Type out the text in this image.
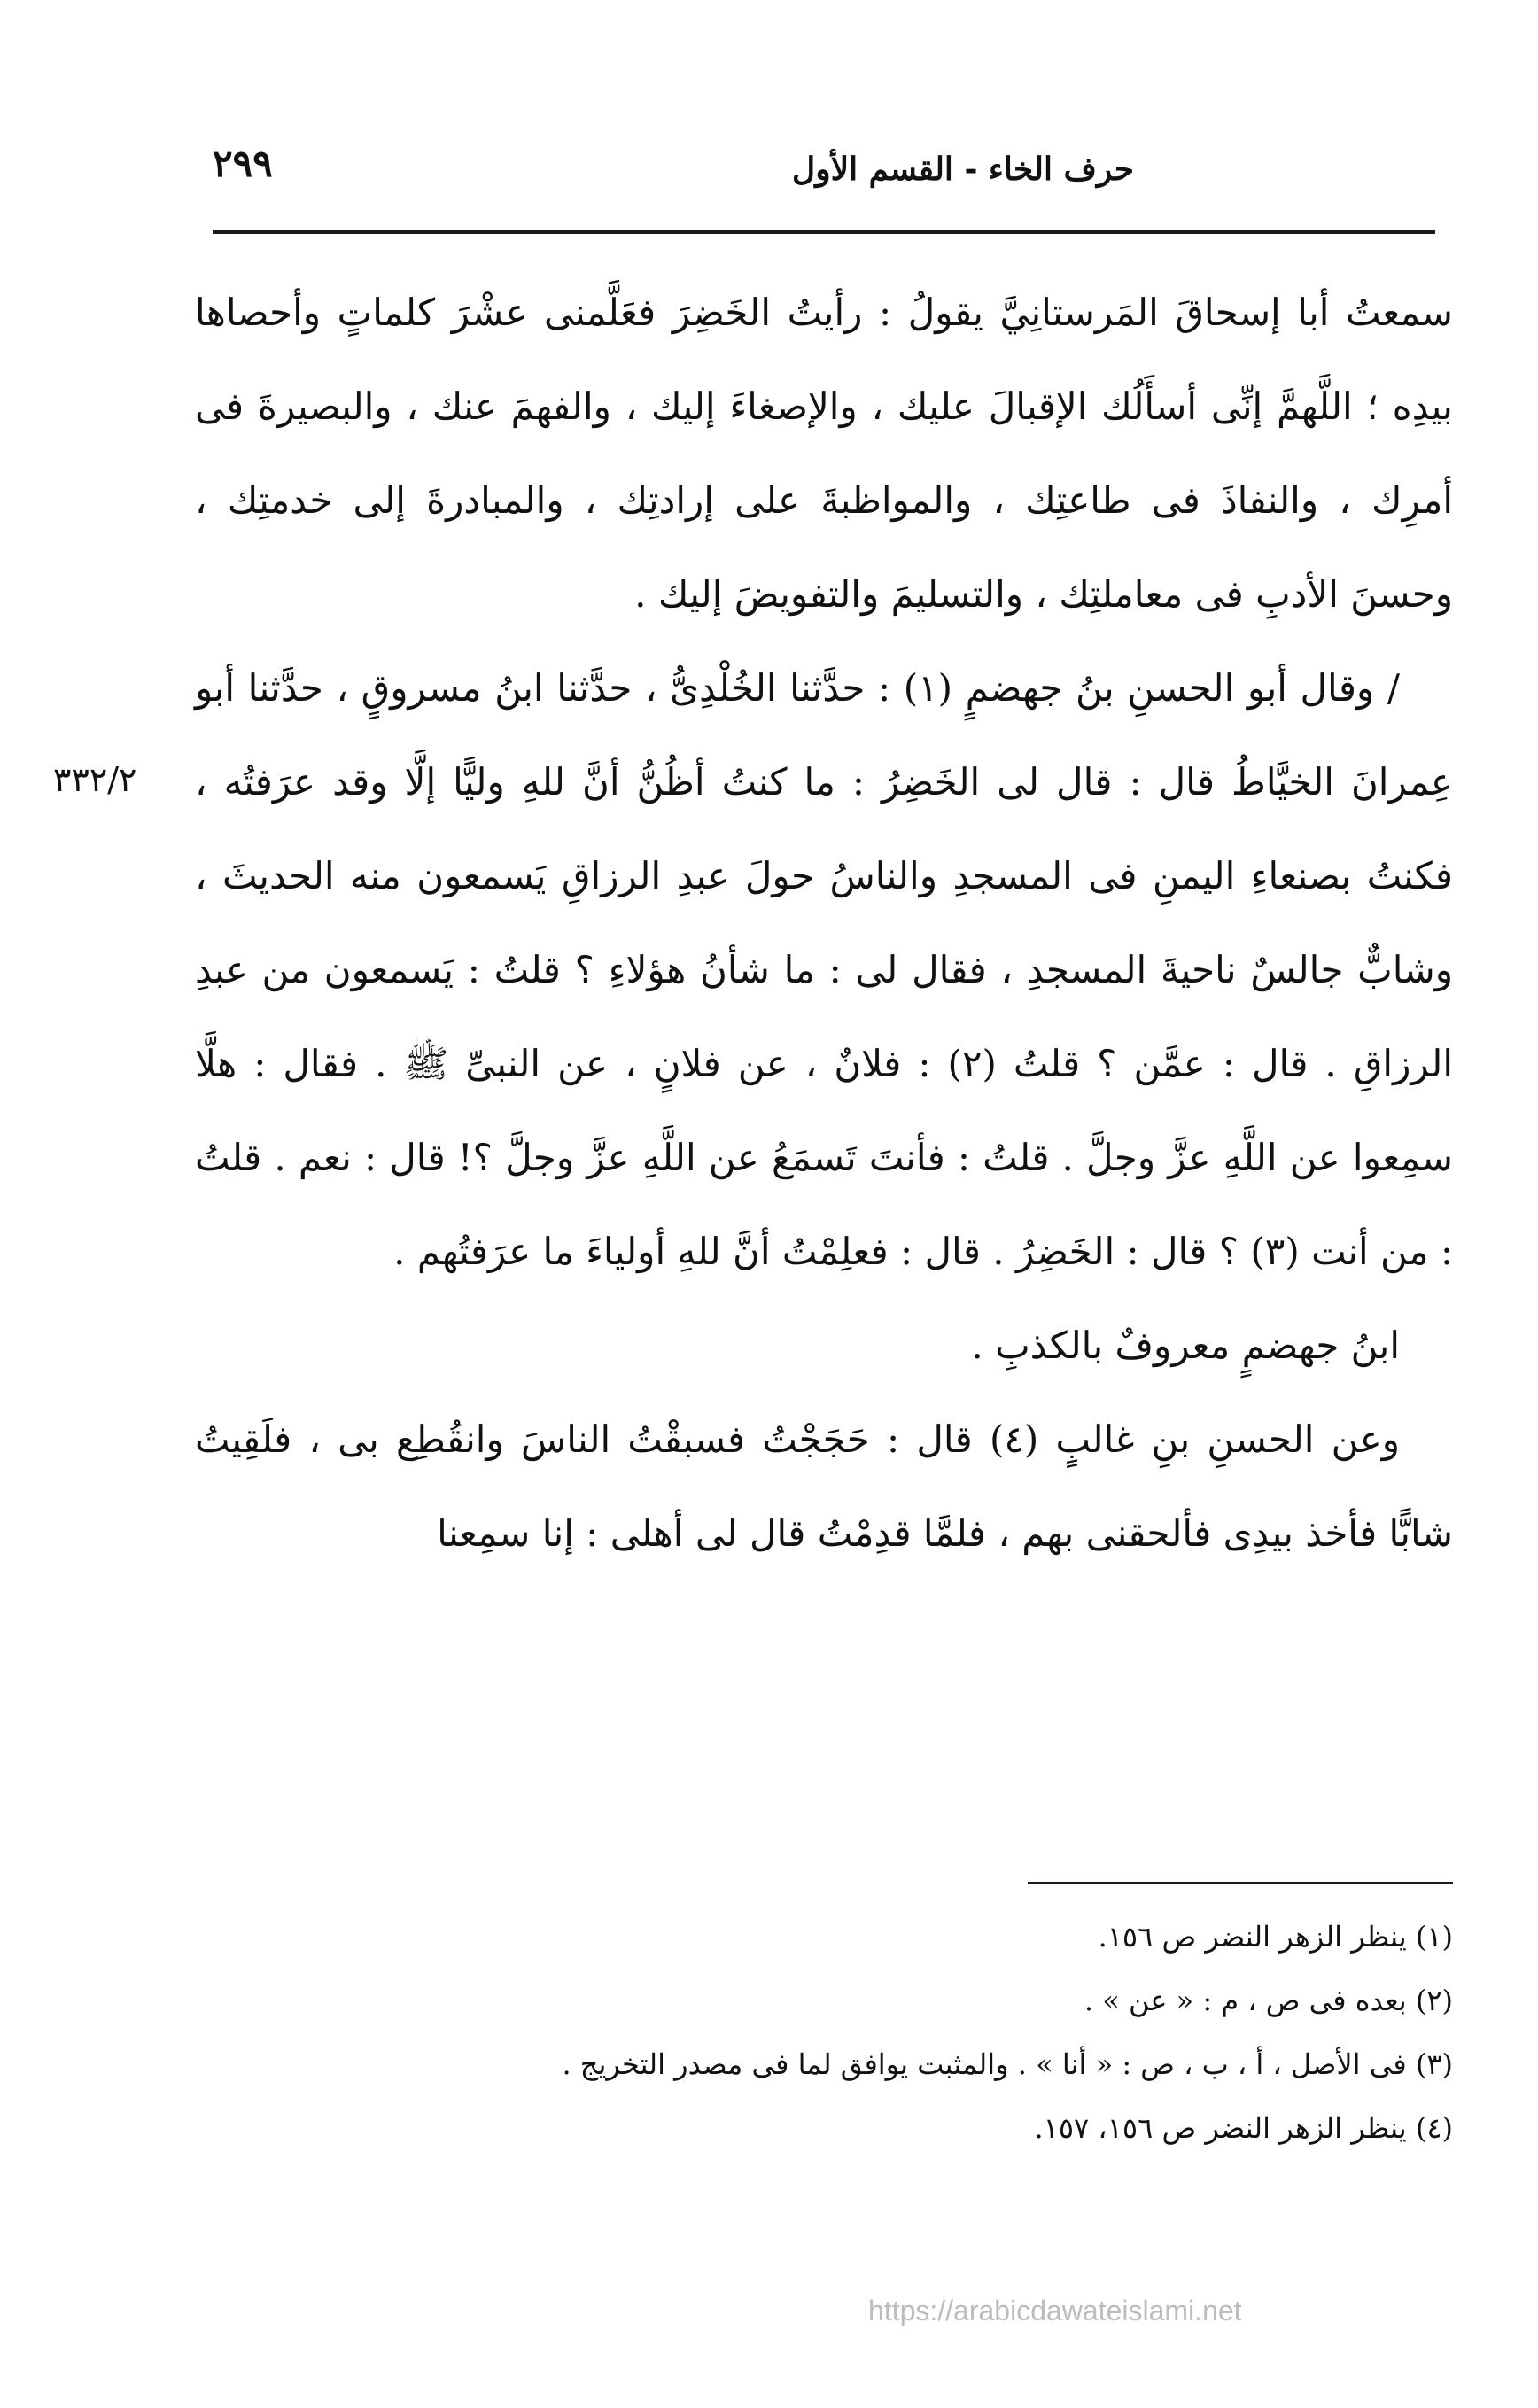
حرف الخاء - القسم الأول
٢٩٩
٣٣٢/٢

سمعتُ أبا إسحاقَ المَرستانِيَّ يقولُ : رأيتُ الخَضِرَ فعَلَّمنى عشْرَ كلماتٍ وأحصاها بيدِه ؛ اللَّهمَّ إنِّى أسأَلُك الإقبالَ عليك ، والإصغاءَ إليك ، والفهمَ عنك ، والبصيرةَ فى أمرِك ، والنفاذَ فى طاعتِك ، والمواظبةَ على إرادتِك ، والمبادرةَ إلى خدمتِك ، وحسنَ الأدبِ فى معاملتِك ، والتسليمَ والتفويضَ إليك .

/ وقال أبو الحسنِ بنُ جهضمٍ (١) : حدَّثنا الخُلْدِىُّ ، حدَّثنا ابنُ مسروقٍ ، حدَّثنا أبو عِمرانَ الخيَّاطُ قال : قال لى الخَضِرُ : ما كنتُ أظُنُّ أنَّ للهِ وليًّا إلَّا وقد عرَفتُه ، فكنتُ بصنعاءِ اليمنِ فى المسجدِ والناسُ حولَ عبدِ الرزاقِ يَسمعون منه الحديثَ ، وشابٌّ جالسٌ ناحيةَ المسجدِ ، فقال لى : ما شأنُ هؤلاءِ ؟ قلتُ : يَسمعون من عبدِ الرزاقِ . قال : عمَّن ؟ قلتُ (٢) : فلانٌ ، عن فلانٍ ، عن النبىِّ ﷺ . فقال : هلَّا سمِعوا عن اللَّهِ عزَّ وجلَّ . قلتُ : فأنتَ تَسمَعُ عن اللَّهِ عزَّ وجلَّ ؟! قال : نعم . قلتُ : من أنت (٣) ؟ قال : الخَضِرُ . قال : فعلِمْتُ أنَّ للهِ أولياءَ ما عرَفتُهم .

ابنُ جهضمٍ معروفٌ بالكذبِ .

وعن الحسنِ بنِ غالبٍ (٤) قال : حَجَجْتُ فسبقْتُ الناسَ وانقُطِع بى ، فلَقِيتُ شابًّا فأخذ بيدِى فألحقنى بهم ، فلمَّا قدِمْتُ قال لى أهلى : إنا سمِعنا

(١) ينظر الزهر النضر ص ١٥٦.

(٢) بعده فى ص ، م : « عن » .

(٣) فى الأصل ، أ ، ب ، ص : « أنا » . والمثبت يوافق لما فى مصدر التخريج .

(٤) ينظر الزهر النضر ص ١٥٦، ١٥٧.

https://arabicdawateislami.net
